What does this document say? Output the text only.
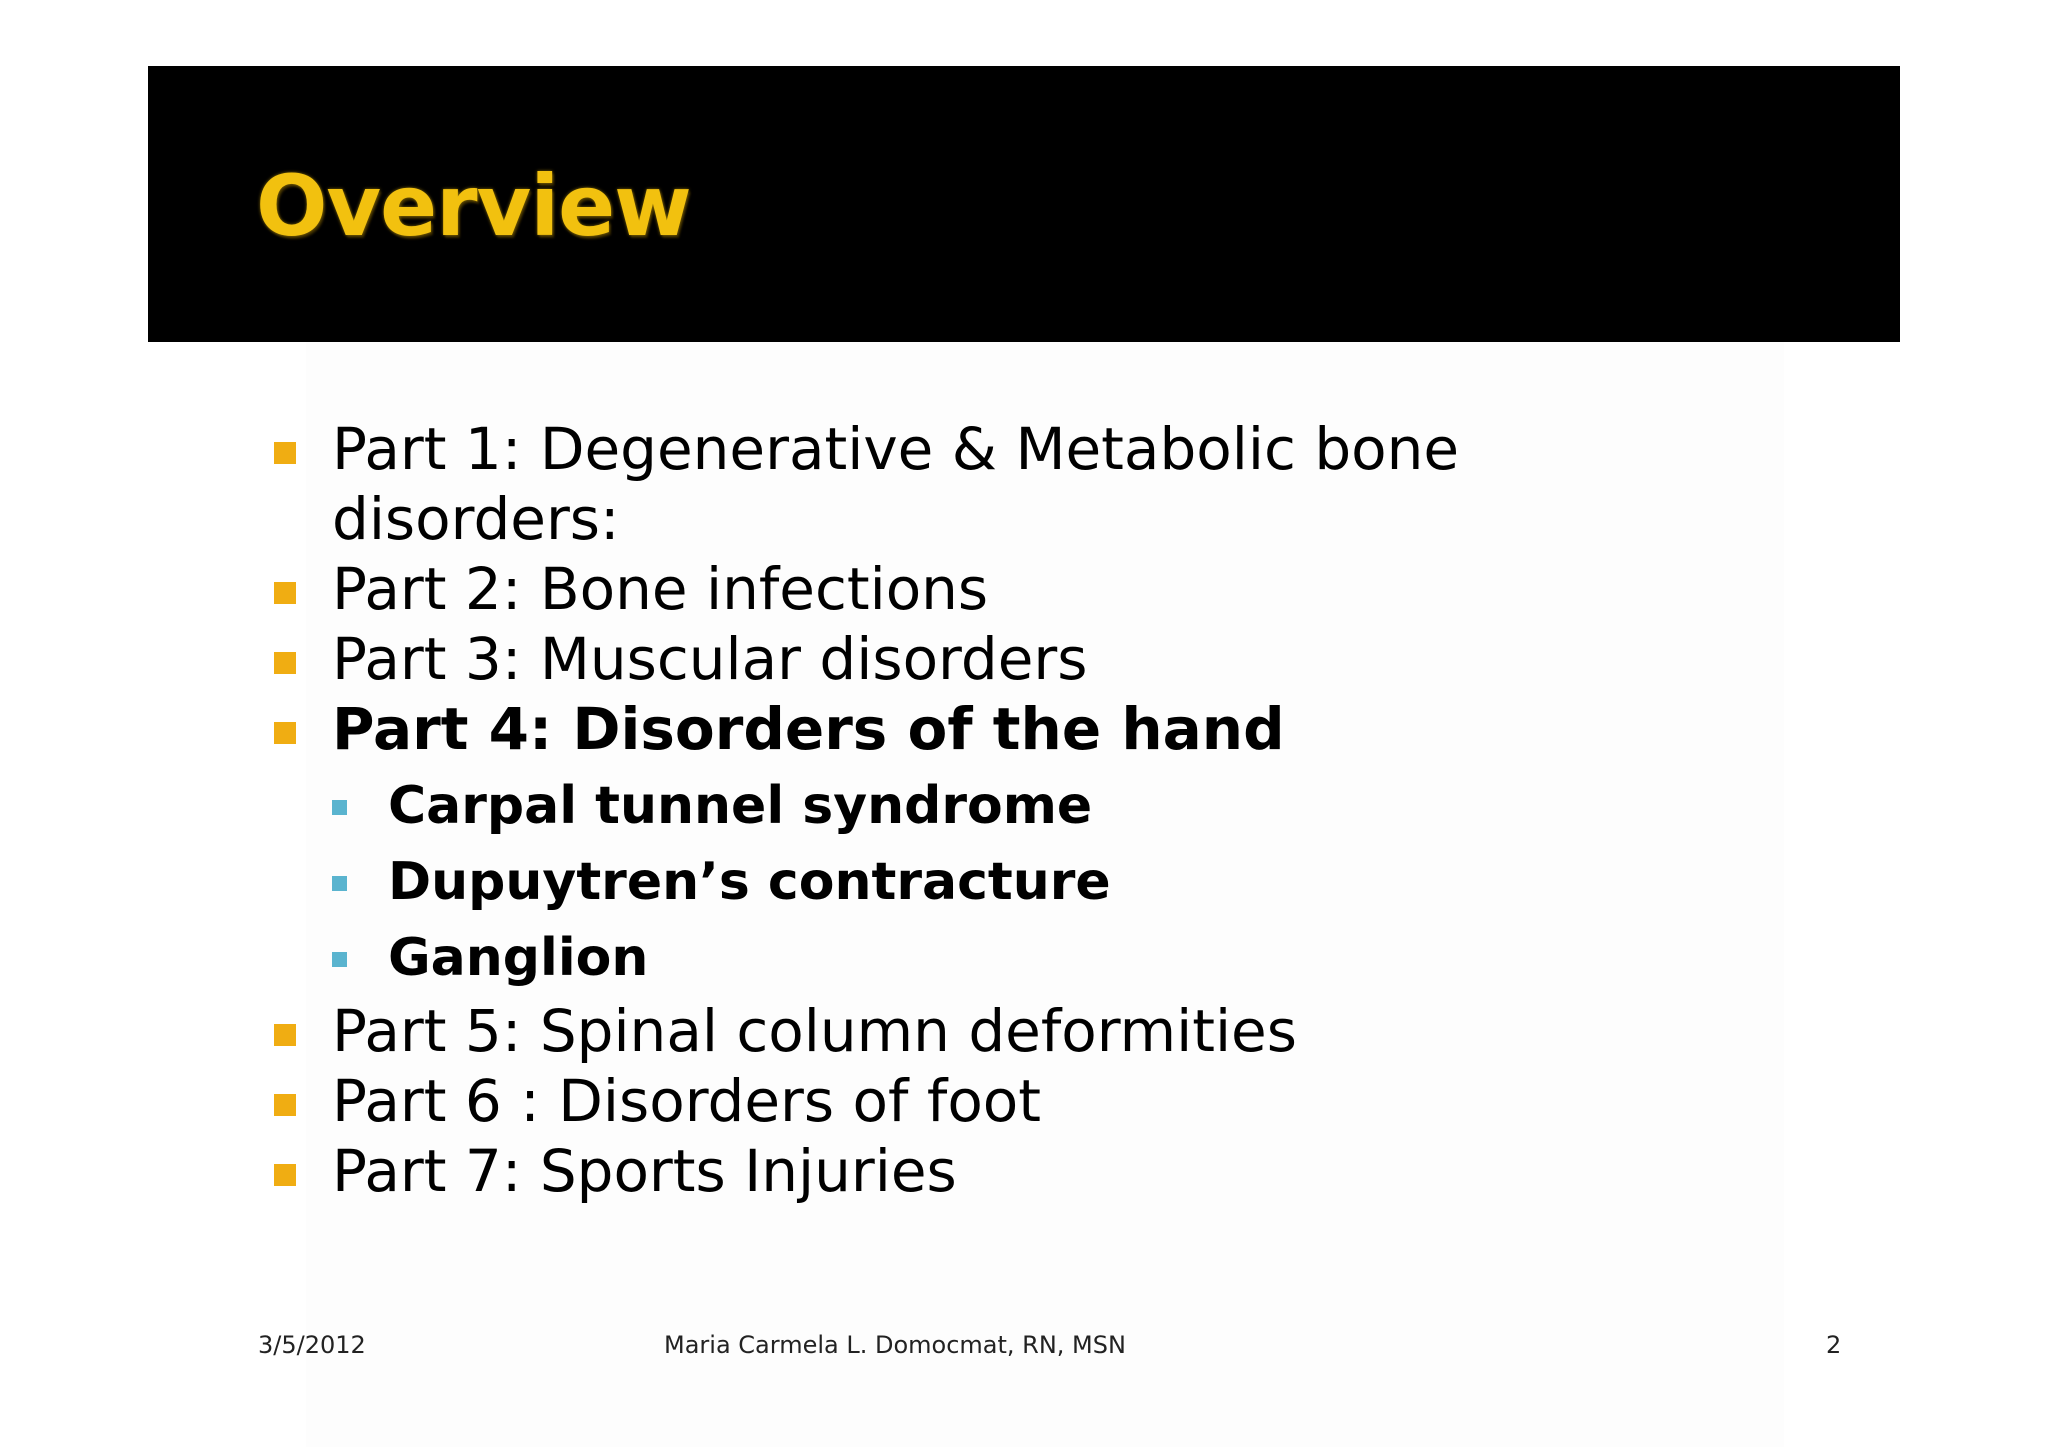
Overview
Part 1: Degenerative & Metabolic bone disorders:
Part 2: Bone infections
Part 3: Muscular disorders
Part 4: Disorders of the hand
Carpal tunnel syndrome
Dupuytren’s contracture
Ganglion
Part 5: Spinal column deformities
Part 6 : Disorders of foot
Part 7: Sports Injuries
3/5/2012	Maria Carmela L. Domocmat, RN, MSN	2
